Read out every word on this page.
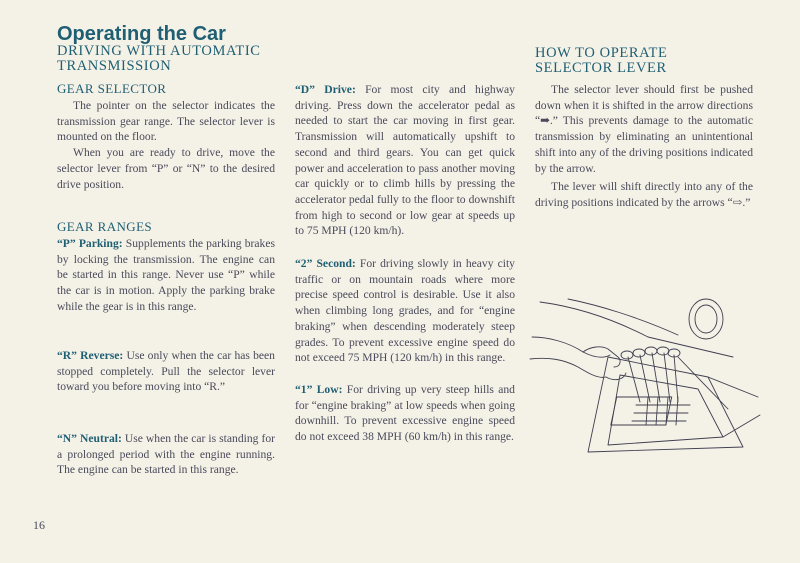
Operating the Car
DRIVING WITH AUTOMATIC
TRANSMISSION
GEAR SELECTOR

The pointer on the selector indicates the transmission gear range. The selector lever is mounted on the floor.

When you are ready to drive, move the selector lever from “P” or “N” to the desired drive position.

GEAR RANGES

“P” Parking: Supplements the parking brakes by locking the transmission. The engine can be started in this range. Never use “P” while the car is in motion. Apply the parking brake while the gear is in this range.

“R” Reverse: Use only when the car has been stopped completely. Pull the selector lever toward you before moving into “R.”

“N” Neutral: Use when the car is standing for a prolonged period with the engine running. The engine can be started in this range.

“D” Drive: For most city and highway driving. Press down the accelerator pedal as needed to start the car moving in first gear. Transmission will automatically upshift to second and third gears. You can get quick power and acceleration to pass another moving car quickly or to climb hills by pressing the accelerator pedal fully to the floor to downshift from high to second or low gear at speeds up to 75 MPH (120 km/h).

“2” Second: For driving slowly in heavy city traffic or on mountain roads where more precise speed control is desirable. Use it also when climbing long grades, and for “engine braking” when descending moderately steep grades. To prevent excessive engine speed do not exceed 75 MPH (120 km/h) in this range.

“1” Low: For driving up very steep hills and for “engine braking” at low speeds when going downhill. To prevent excessive engine speed do not exceed 38 MPH (60 km/h) in this range.

HOW TO OPERATE
SELECTOR LEVER

The selector lever should first be pushed down when it is shifted in the arrow directions “➡.” This prevents damage to the automatic transmission by eliminating an unintentional shift into any of the driving positions indicated by the arrow.

The lever will shift directly into any of the driving positions indicated by the arrows “⇨.”

16
